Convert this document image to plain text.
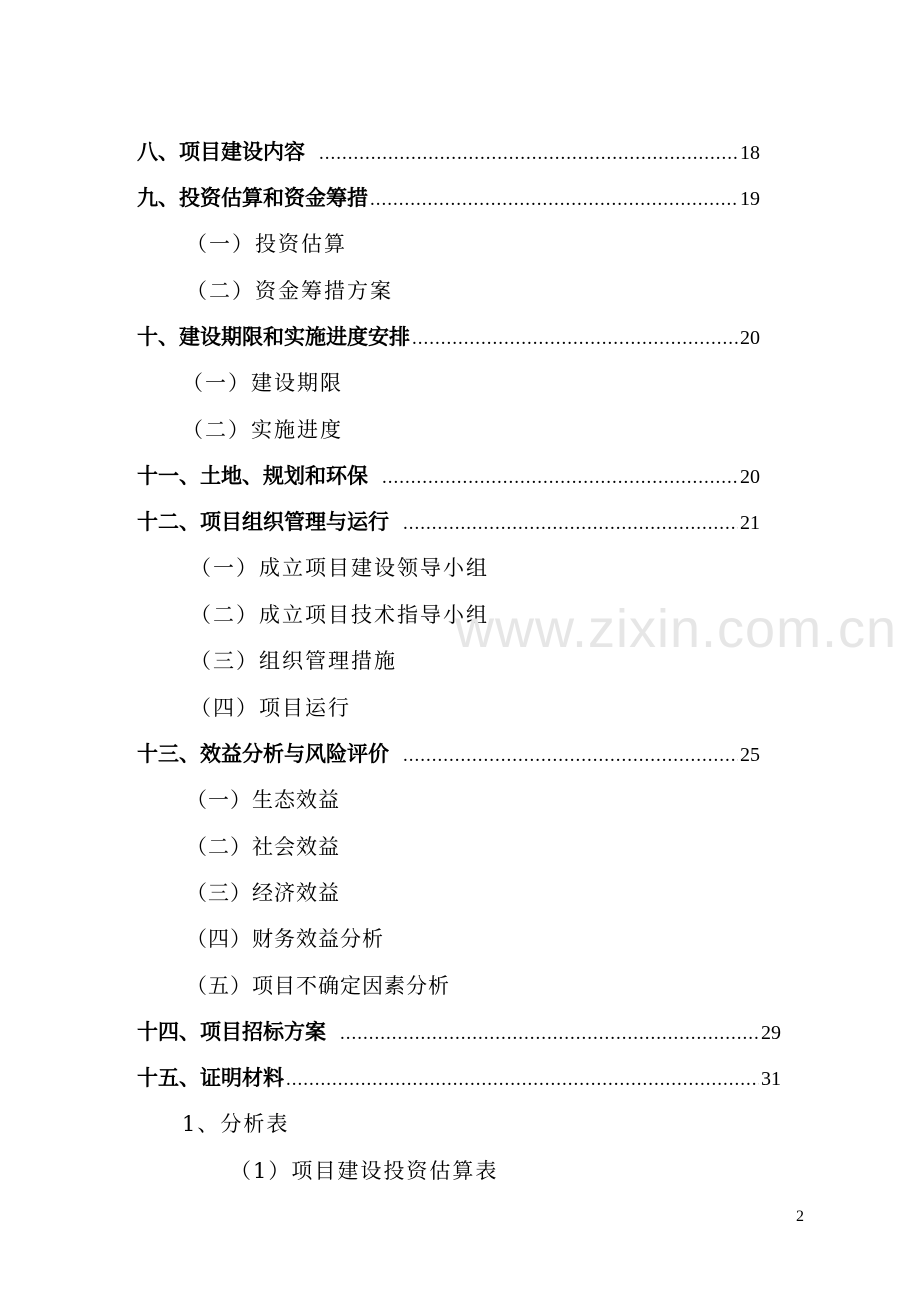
八、项目建设内容 .....	18
九、投资估算和资金筹措 .....	19
（一）投资估算
（二）资金筹措方案
十、建设期限和实施进度安排 .....	20
（一）建设期限
（二）实施进度
十一、土地、规划和环保 .....	20
十二、项目组织管理与运行 .....	21
（一）成立项目建设领导小组
（二）成立项目技术指导小组
（三）组织管理措施
（四）项目运行
十三、效益分析与风险评价 .....	25
（一）生态效益
（二）社会效益
（三）经济效益
（四）财务效益分析
（五）项目不确定因素分析
十四、项目招标方案 .....	29
十五、证明材料 .....	31
1、分析表
（1）项目建设投资估算表
www.zixin.com.cn
2
